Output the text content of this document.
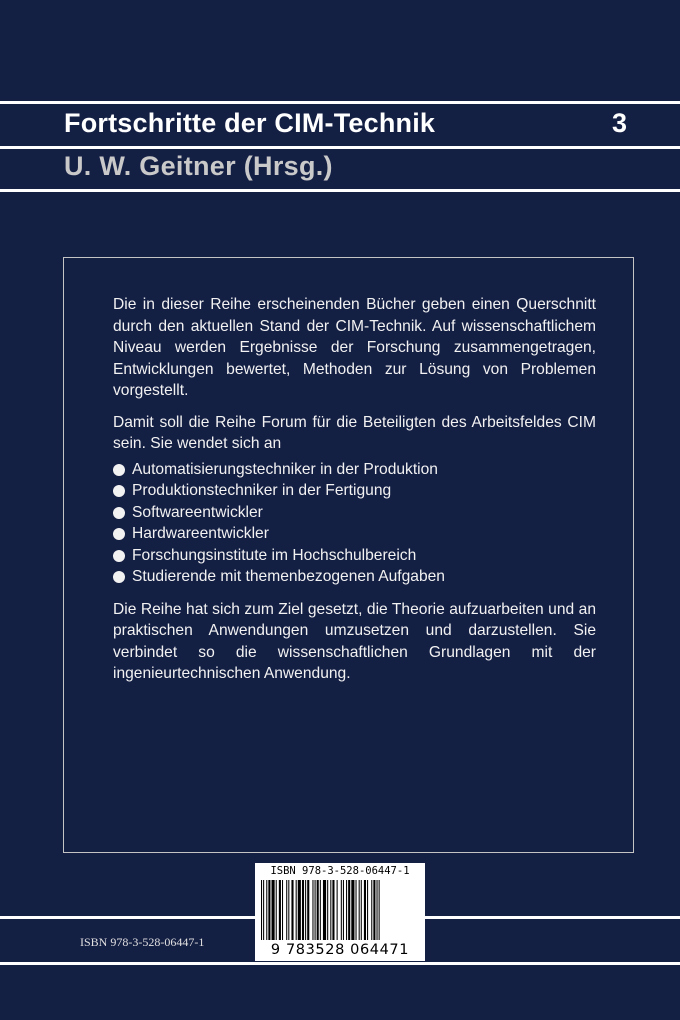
Fortschritte der CIM-Technik	3
U. W. Geitner (Hrsg.)

Die in dieser Reihe erscheinenden Bücher geben einen Querschnitt durch den aktuellen Stand der CIM-Technik. Auf wissenschaftlichem Niveau werden Ergebnisse der Forschung zusammengetragen, Entwicklungen bewertet, Methoden zur Lösung von Problemen vorgestellt.

Damit soll die Reihe Forum für die Beteiligten des Arbeitsfeldes CIM sein. Sie wendet sich an

Automatisierungstechniker in der Produktion
Produktionstechniker in der Fertigung
Softwareentwickler
Hardwareentwickler
Forschungsinstitute im Hochschulbereich
Studierende mit themenbezogenen Aufgaben

Die Reihe hat sich zum Ziel gesetzt, die Theorie aufzuarbeiten und an praktischen Anwendungen umzusetzen und darzustellen. Sie verbindet so die wissenschaftlichen Grundlagen mit der ingenieurtechnischen Anwendung.

ISBN 978-3-528-06447-1
9 783528 064471
ISBN 978-3-528-06447-1
